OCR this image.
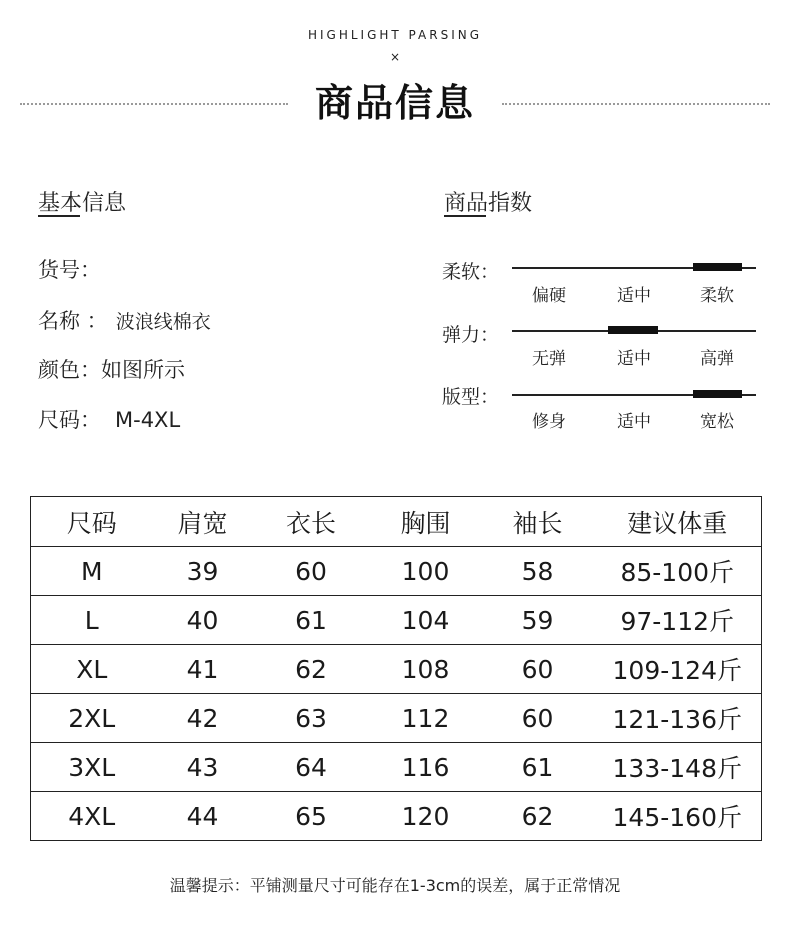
HIGHLIGHT PARSING
×
商品信息
基本信息
货号：
名称 ： 波浪线棉衣
颜色：如图所示
尺码： M-4XL
商品指数
柔软：
偏硬	适中	柔软
弹力：
无弹	适中	高弹
版型：
修身	适中	宽松
尺码	肩宽	衣长	胸围	袖长	建议体重
M	39	60	100	58	85-100斤
L	40	61	104	59	97-112斤
XL	41	62	108	60	109-124斤
2XL	42	63	112	60	121-136斤
3XL	43	64	116	61	133-148斤
4XL	44	65	120	62	145-160斤
温馨提示：平铺测量尺寸可能存在1-3cm的误差，属于正常情况
